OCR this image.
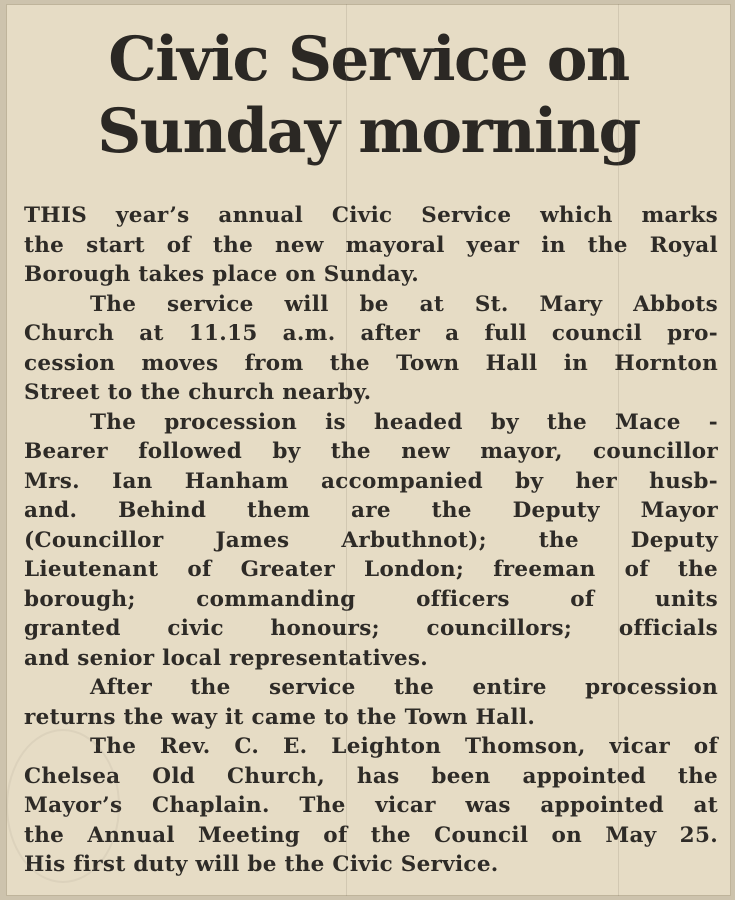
Civic Service on
Sunday morning

THIS year’s annual Civic Service which marks
the start of the new mayoral year in the Royal
Borough takes place on Sunday.

The service will be at St. Mary Abbots
Church at 11.15 a.m. after a full council pro-
cession moves from the Town Hall in Hornton
Street to the church nearby.

The procession is headed by the Mace -
Bearer followed by the new mayor, councillor
Mrs. Ian Hanham accompanied by her husb-
and. Behind them are the Deputy Mayor
(Councillor James Arbuthnot); the Deputy
Lieutenant of Greater London; freeman of the
borough; commanding officers of units
granted civic honours; councillors; officials
and senior local representatives.

After the service the entire procession
returns the way it came to the Town Hall.

The Rev. C. E. Leighton Thomson, vicar of
Chelsea Old Church, has been appointed the
Mayor’s Chaplain. The vicar was appointed at
the Annual Meeting of the Council on May 25.
His first duty will be the Civic Service.
